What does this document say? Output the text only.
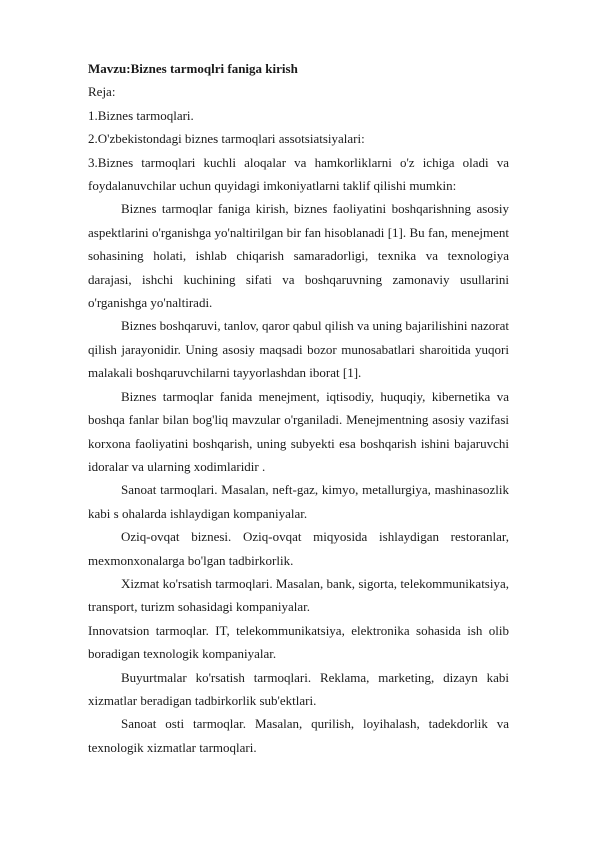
Mavzu:Biznes tarmoqlri faniga kirish

Reja:

1.Biznes tarmoqlari.

2.O'zbekistondagi biznes tarmoqlari assotsiatsiyalari:

3.Biznes tarmoqlari kuchli aloqalar va hamkorliklarni o'z ichiga oladi va foydalanuvchilar uchun quyidagi imkoniyatlarni taklif qilishi mumkin:

Biznes tarmoqlar faniga kirish, biznes faoliyatini boshqarishning asosiy aspektlarini o'rganishga yo'naltirilgan bir fan hisoblanadi [1]. Bu fan, menejment sohasining holati, ishlab chiqarish samaradorligi, texnika va texnologiya darajasi, ishchi kuchining sifati va boshqaruvning zamonaviy usullarini o'rganishga yo'naltiradi.

Biznes boshqaruvi, tanlov, qaror qabul qilish va uning bajarilishini nazorat qilish jarayonidir. Uning asosiy maqsadi bozor munosabatlari sharoitida yuqori malakali boshqaruvchilarni tayyorlashdan iborat [1].

Biznes tarmoqlar fanida menejment, iqtisodiy, huquqiy, kibernetika va boshqa fanlar bilan bog'liq mavzular o'rganiladi. Menejmentning asosiy vazifasi korxona faoliyatini boshqarish, uning subyekti esa boshqarish ishini bajaruvchi idoralar va ularning xodimlaridir .

Sanoat tarmoqlari. Masalan, neft-gaz, kimyo, metallurgiya, mashinasozlik kabi s ohalarda ishlaydigan kompaniyalar.

Oziq-ovqat biznesi. Oziq-ovqat miqyosida ishlaydigan restoranlar, mexmonxonalarga bo'lgan tadbirkorlik.

Xizmat ko'rsatish tarmoqlari. Masalan, bank, sigorta, telekommunikatsiya, transport, turizm sohasidagi kompaniyalar.

Innovatsion tarmoqlar. IT, telekommunikatsiya, elektronika sohasida ish olib boradigan texnologik kompaniyalar.

Buyurtmalar ko'rsatish tarmoqlari. Reklama, marketing, dizayn kabi xizmatlar beradigan tadbirkorlik sub'ektlari.

Sanoat osti tarmoqlar. Masalan, qurilish, loyihalash, tadekdorlik va texnologik xizmatlar tarmoqlari.
